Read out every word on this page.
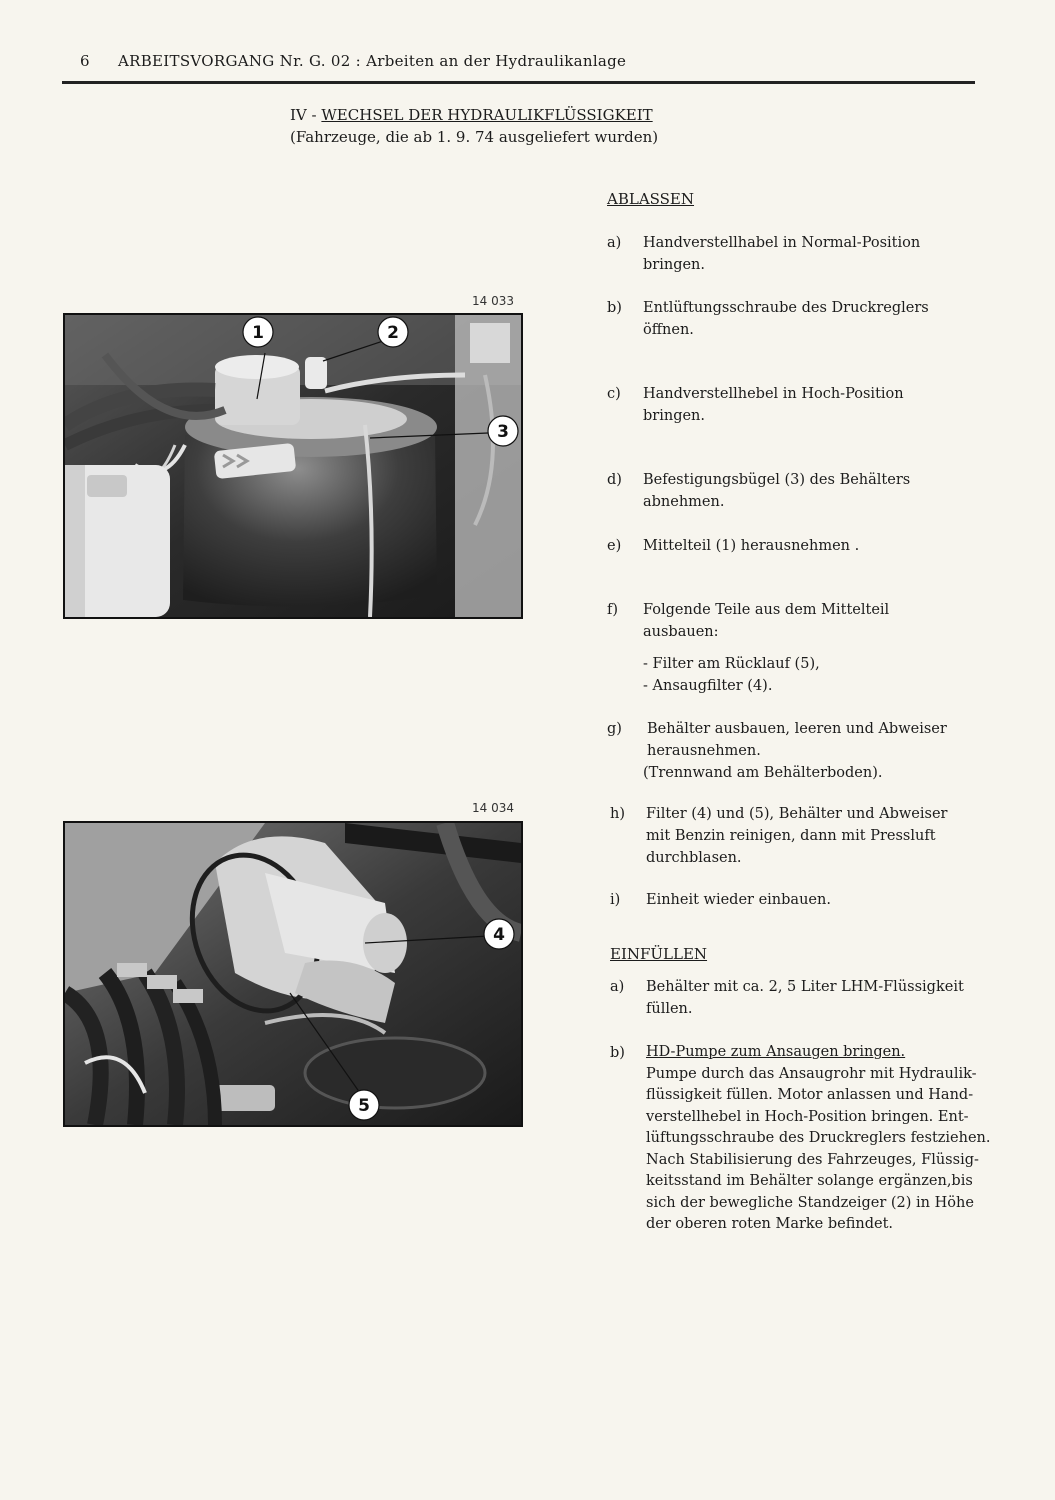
6 ARBEITSVORGANG Nr. G. 02 : Arbeiten an der Hydraulikanlage
IV - WECHSEL DER HYDRAULIKFLÜSSIGKEIT
(Fahrzeuge, die ab 1. 9. 74 ausgeliefert wurden)
14 033
1	2
3
14 034
4
5
ABLASSEN
a)	Handverstellhabel in Normal-Position
bringen.
b)	Entlüftungsschraube des Druckreglers
öffnen.
c)	Handverstellhebel in Hoch-Position
bringen.
d)	Befestigungsbügel (3) des Behälters
abnehmen.
e)	Mittelteil (1) herausnehmen .
f)	Folgende Teile aus dem Mittelteil
ausbauen:
- Filter am Rücklauf (5),
- Ansaugfilter (4).
g)	Behälter ausbauen, leeren und Abweiser
herausnehmen.
(Trennwand am Behälterboden).
h)	Filter (4) und (5), Behälter und Abweiser
mit Benzin reinigen, dann mit Pressluft
durchblasen.
i)	Einheit wieder einbauen.
EINFÜLLEN
a)	Behälter mit ca. 2, 5 Liter LHM-Flüssigkeit
füllen.
b)	HD-Pumpe zum Ansaugen bringen.
Pumpe durch das Ansaugrohr mit Hydraulik-
flüssigkeit füllen. Motor anlassen und Hand-
verstellhebel in Hoch-Position bringen. Ent-
lüftungsschraube des Druckreglers festziehen.
Nach Stabilisierung des Fahrzeuges, Flüssig-
keitsstand im Behälter solange ergänzen,bis
sich der bewegliche Standzeiger (2) in Höhe
der oberen roten Marke befindet.
